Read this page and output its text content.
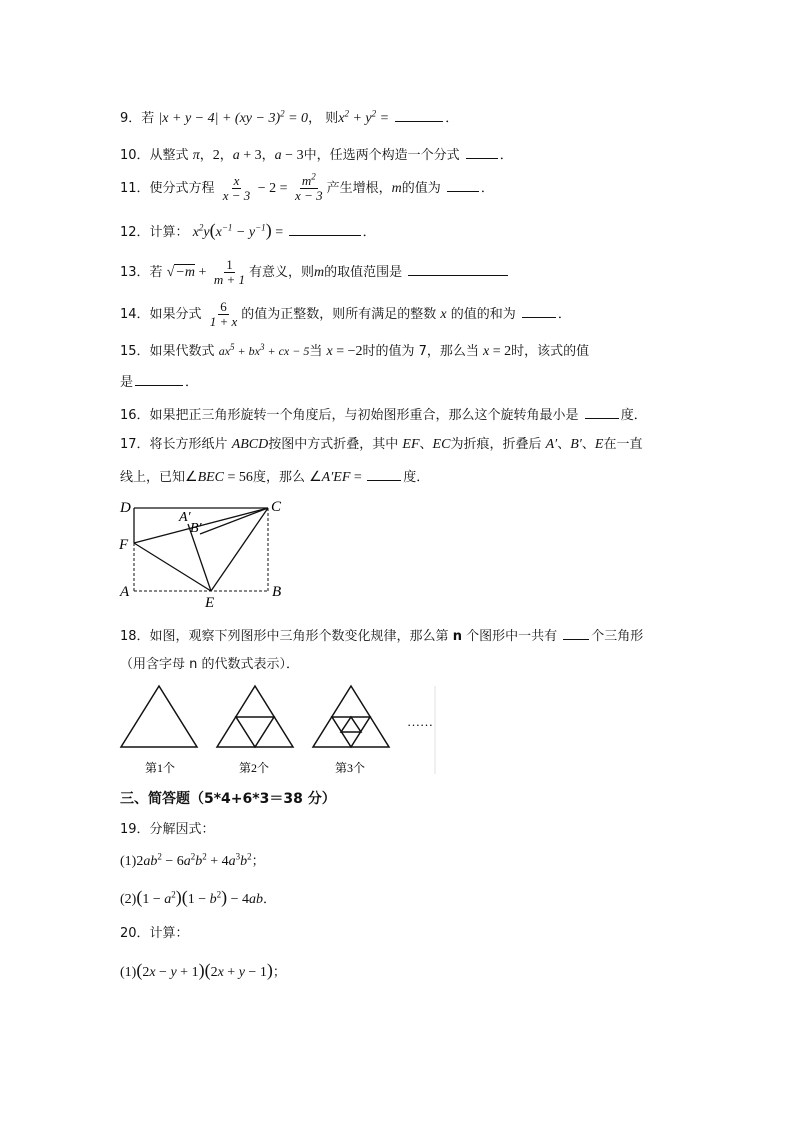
9．若 |x + y − 4| + (xy − 3)$^2$ = 0， 则$x^2 + y^2$ =	．
10．从整式 π，2，a + 3，a − 3中，任选两个构造一个分式	．
11．使分式方程 $\frac{x}{x - 3} - 2 = \frac{m^2}{x - 3}$ 产生增根，m的值为	．
12．计算： $x^2y(x^{-1} - y^{-1})$ =	．
13．若 $√-m + \frac{1}{m + 1}$ 有意义，则m的取值范围是
14．如果分式 $\frac{6}{1 + x}$ 的值为正整数，则所有满足的整数 x 的值的和为	．
15．如果代数式 $ax^5 + bx^3$ + cx − 5当 x = −2时的值为 7，那么当 x = 2时，该式的值
是	．
16．如果把正三角形旋转一个角度后，与初始图形重合，那么这个旋转角最小是	度．
17．将长方形纸片 ABCD按图中方式折叠，其中 EF、EC为折痕，折叠后 A′、B′、E在一直
线上，已知∠BEC = 56度，那么 ∠A′EF =	度．
D	C
A′
B′
F
A
E
B
18．如图，观察下列图形中三角形个数变化规律，那么第 n 个图形中一共有	个三角形
（用含字母 n 的代数式表示）．
……
第1个	第2个	第3个
三、简答题（5*4+6*3＝38 分）
19．分解因式：
$(1)2ab^2 - 6a^2b^2 + 4a^3b^2$；
$(2)(1 - a^2)(1 - b^2) - 4ab$．
20．计算：
(1)(2x − y + 1)(2x + y − 1)；
